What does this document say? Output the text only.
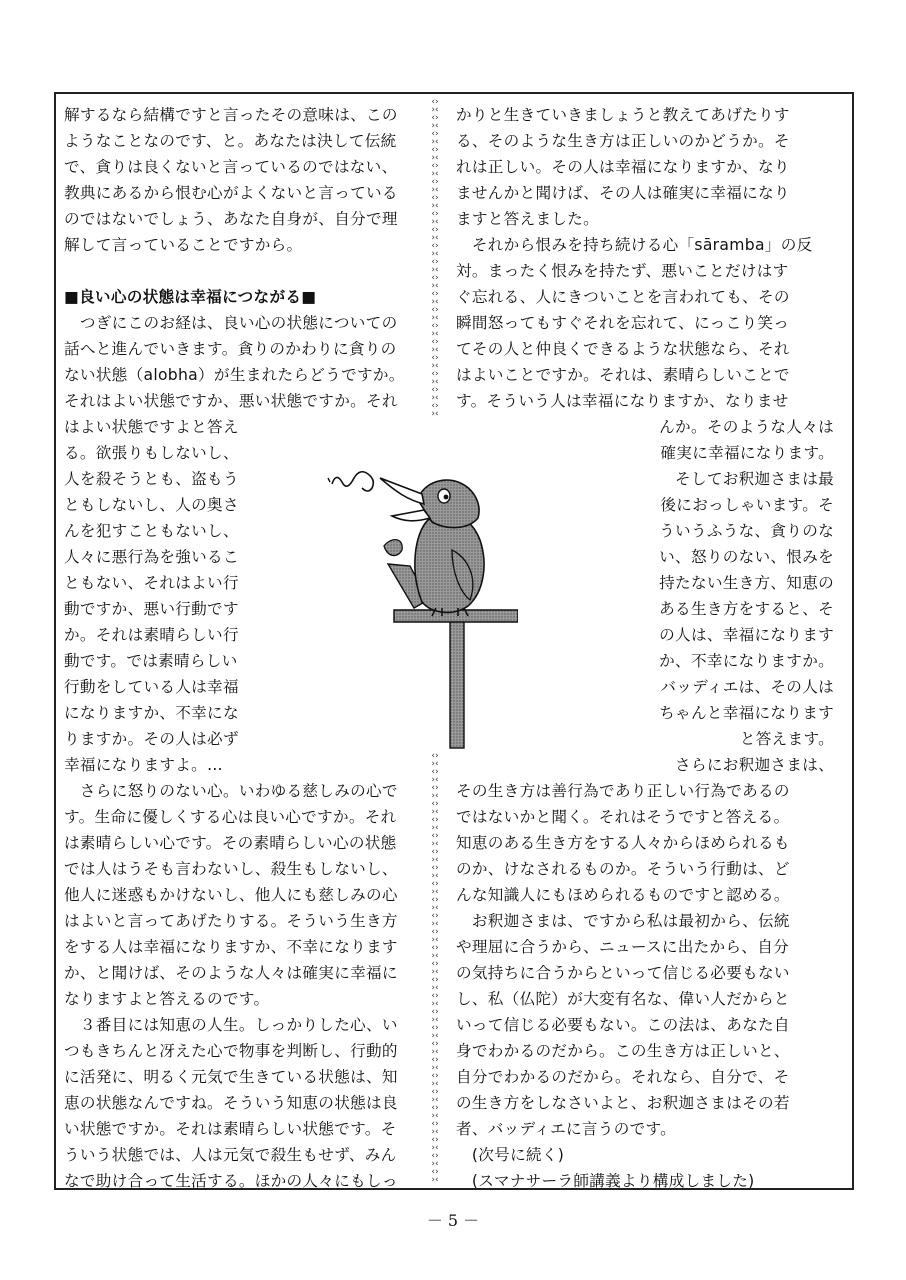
解するなら結構ですと言ったその意味は、この
ようなことなのです、と。あなたは決して伝統
で、貪りは良くないと言っているのではない、
教典にあるから恨む心がよくないと言っている
のではないでしょう、あなた自身が、自分で理
解して言っていることですから。
■良い心の状態は幸福につながる■
　つぎにこのお経は、良い心の状態についての
話へと進んでいきます。貪りのかわりに貪りの
ない状態（alobha）が生まれたらどうですか。
それはよい状態ですか、悪い状態ですか。それ
はよい状態ですよと答え
る。欲張りもしないし、
人を殺そうとも、盗もう
ともしないし、人の奥さ
んを犯すこともないし、
人々に悪行為を強いるこ
ともない、それはよい行
動ですか、悪い行動です
か。それは素晴らしい行
動です。では素晴らしい
行動をしている人は幸福
になりますか、不幸にな
りますか。その人は必ず
幸福になりますよ。…
　さらに怒りのない心。いわゆる慈しみの心で
す。生命に優しくする心は良い心ですか。それ
は素晴らしい心です。その素晴らしい心の状態
では人はうそも言わないし、殺生もしないし、
他人に迷惑もかけないし、他人にも慈しみの心
はよいと言ってあげたりする。そういう生き方
をする人は幸福になりますか、不幸になります
か、と聞けば、そのような人々は確実に幸福に
なりますよと答えるのです。
　３番目には知恵の人生。しっかりした心、い
つもきちんと冴えた心で物事を判断し、行動的
に活発に、明るく元気で生きている状態は、知
恵の状態なんですね。そういう知恵の状態は良
い状態ですか。それは素晴らしい状態です。そ
ういう状態では、人は元気で殺生もせず、みん
なで助け合って生活する。ほかの人々にもしっ
かりと生きていきましょうと教えてあげたりす
る、そのような生き方は正しいのかどうか。そ
れは正しい。その人は幸福になりますか、なり
ませんかと聞けば、その人は確実に幸福になり
ますと答えました。
　それから恨みを持ち続ける心「sāramba」の反
対。まったく恨みを持たず、悪いことだけはす
ぐ忘れる、人にきついことを言われても、その
瞬間怒ってもすぐそれを忘れて、にっこり笑っ
てその人と仲良くできるような状態なら、それ
はよいことですか。それは、素晴らしいことで
す。そういう人は幸福になりますか、なりませ
んか。そのような人々は
確実に幸福になります。
　そしてお釈迦さまは最
後におっしゃいます。そ
ういうふうな、貪りのな
い、怒りのない、恨みを
持たない生き方、知恵の
ある生き方をすると、そ
の人は、幸福になります
か、不幸になりますか。
バッディエは、その人は
ちゃんと幸福になります
と答えます。
さらにお釈迦さまは、
その生き方は善行為であり正しい行為であるの
ではないかと聞く。それはそうですと答える。
知恵のある生き方をする人々からほめられるも
のか、けなされるものか。そういう行動は、ど
んな知識人にもほめられるものですと認める。
　お釈迦さまは、ですから私は最初から、伝統
や理屈に合うから、ニュースに出たから、自分
の気持ちに合うからといって信じる必要もない
し、私（仏陀）が大変有名な、偉い人だからと
いって信じる必要もない。この法は、あなた自
身でわかるのだから。この生き方は正しいと、
自分でわかるのだから。それなら、自分で、そ
の生き方をしなさいよと、お釈迦さまはその若
者、バッディエに言うのです。
　(次号に続く)
　(スマナサーラ師講義より構成しました)
‹›
›‹
‹›
›‹
‹›
›‹
‹›
›‹
‹›
›‹
‹›
›‹
‹›
›‹
‹›
›‹
‹›
›‹
‹›
›‹
‹›
›‹
‹›
›‹
‹›
›‹
‹›
›‹
‹›
›‹
‹›
›‹
‹›
›‹
‹›
›‹
‹›
›‹
‹›
›‹
‹›
›‹
‹›
›‹
‹›
›‹
‹›
›‹
‹›
›‹
‹›
›‹
‹›
›‹
‹›
›‹
‹›
›‹
‹›
›‹
‹›
›‹
‹›
›‹
‹›
›‹
‹›
›‹
‹›
›‹
‹›
›‹
‹›
›‹
‹›
›‹
‹›
›‹
‹›
›‹
‹›
›‹
‹›
›‹
‹›
›‹
‹›
›‹
‹›
›‹
‹›
›‹
‹›
›‹
－ 5 －
